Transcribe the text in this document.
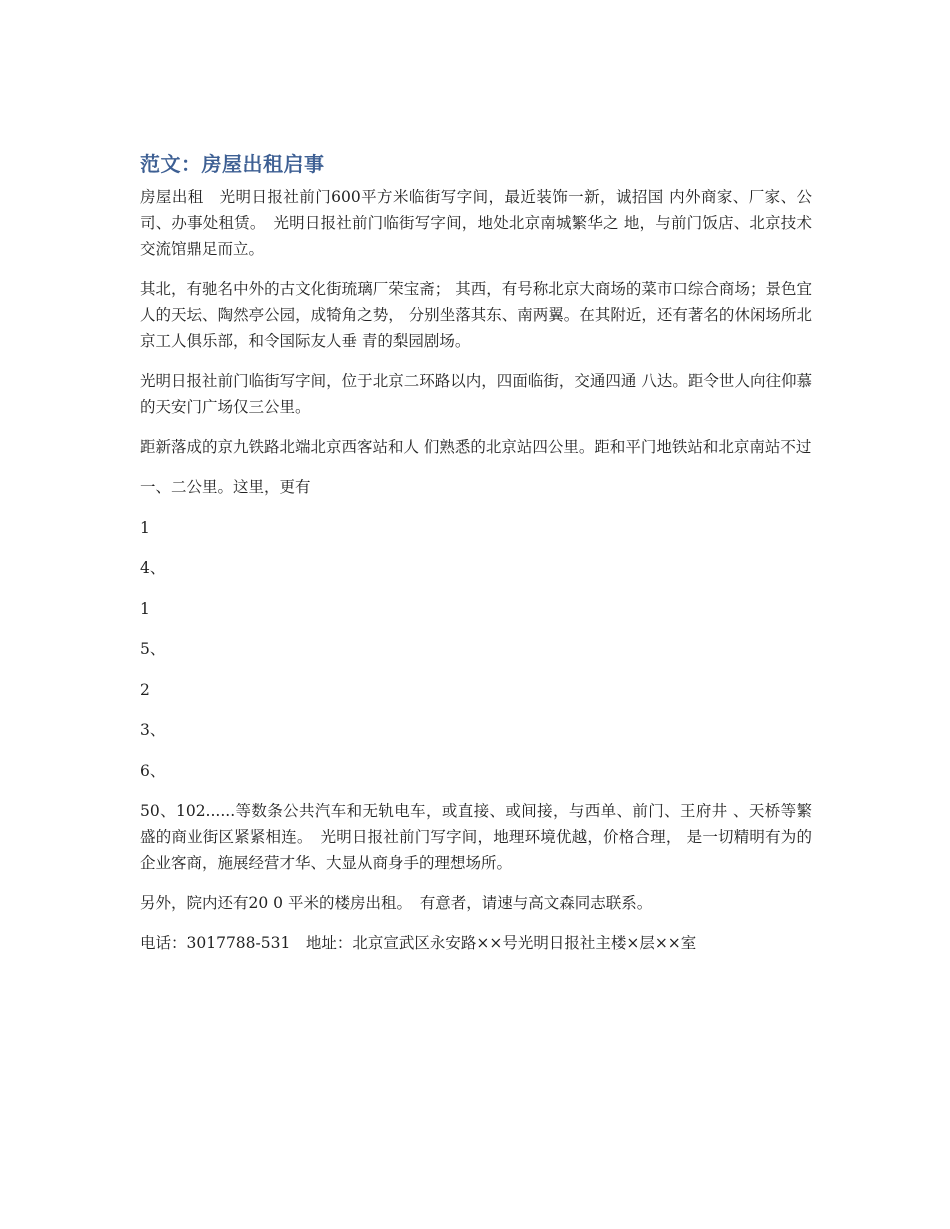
范文：房屋出租启事

房屋出租　光明日报社前门600平方米临街写字间，最近装饰一新，诚招国 内外商家、厂家、公司、办事处租赁。　光明日报社前门临街写字间，地处北京南城繁华之 地，与前门饭店、北京技术交流馆鼎足而立。

其北，有驰名中外的古文化街琉璃厂荣宝斋； 其西，有号称北京大商场的菜市口综合商场；景色宜人的天坛、陶然亭公园，成犄角之势， 分别坐落其东、南两翼。在其附近，还有著名的休闲场所北京工人俱乐部，和令国际友人垂 青的梨园剧场。

光明日报社前门临街写字间，位于北京二环路以内，四面临街，交通四通 八达。距令世人向往仰慕的天安门广场仅三公里。

距新落成的京九铁路北端北京西客站和人 们熟悉的北京站四公里。距和平门地铁站和北京南站不过

一、二公里。这里，更有

1

4、

1

5、

2

3、

6、

50、102......等数条公共汽车和无轨电车，或直接、或间接，与西单、前门、王府井 、天桥等繁盛的商业街区紧紧相连。　光明日报社前门写字间，地理环境优越，价格合理， 是一切精明有为的企业客商，施展经营才华、大显从商身手的理想场所。

另外，院内还有20 0 平米的楼房出租。　有意者，请速与高文森同志联系。

电话：3017788-531　地址：北京宣武区永安路××号光明日报社主楼×层××室
